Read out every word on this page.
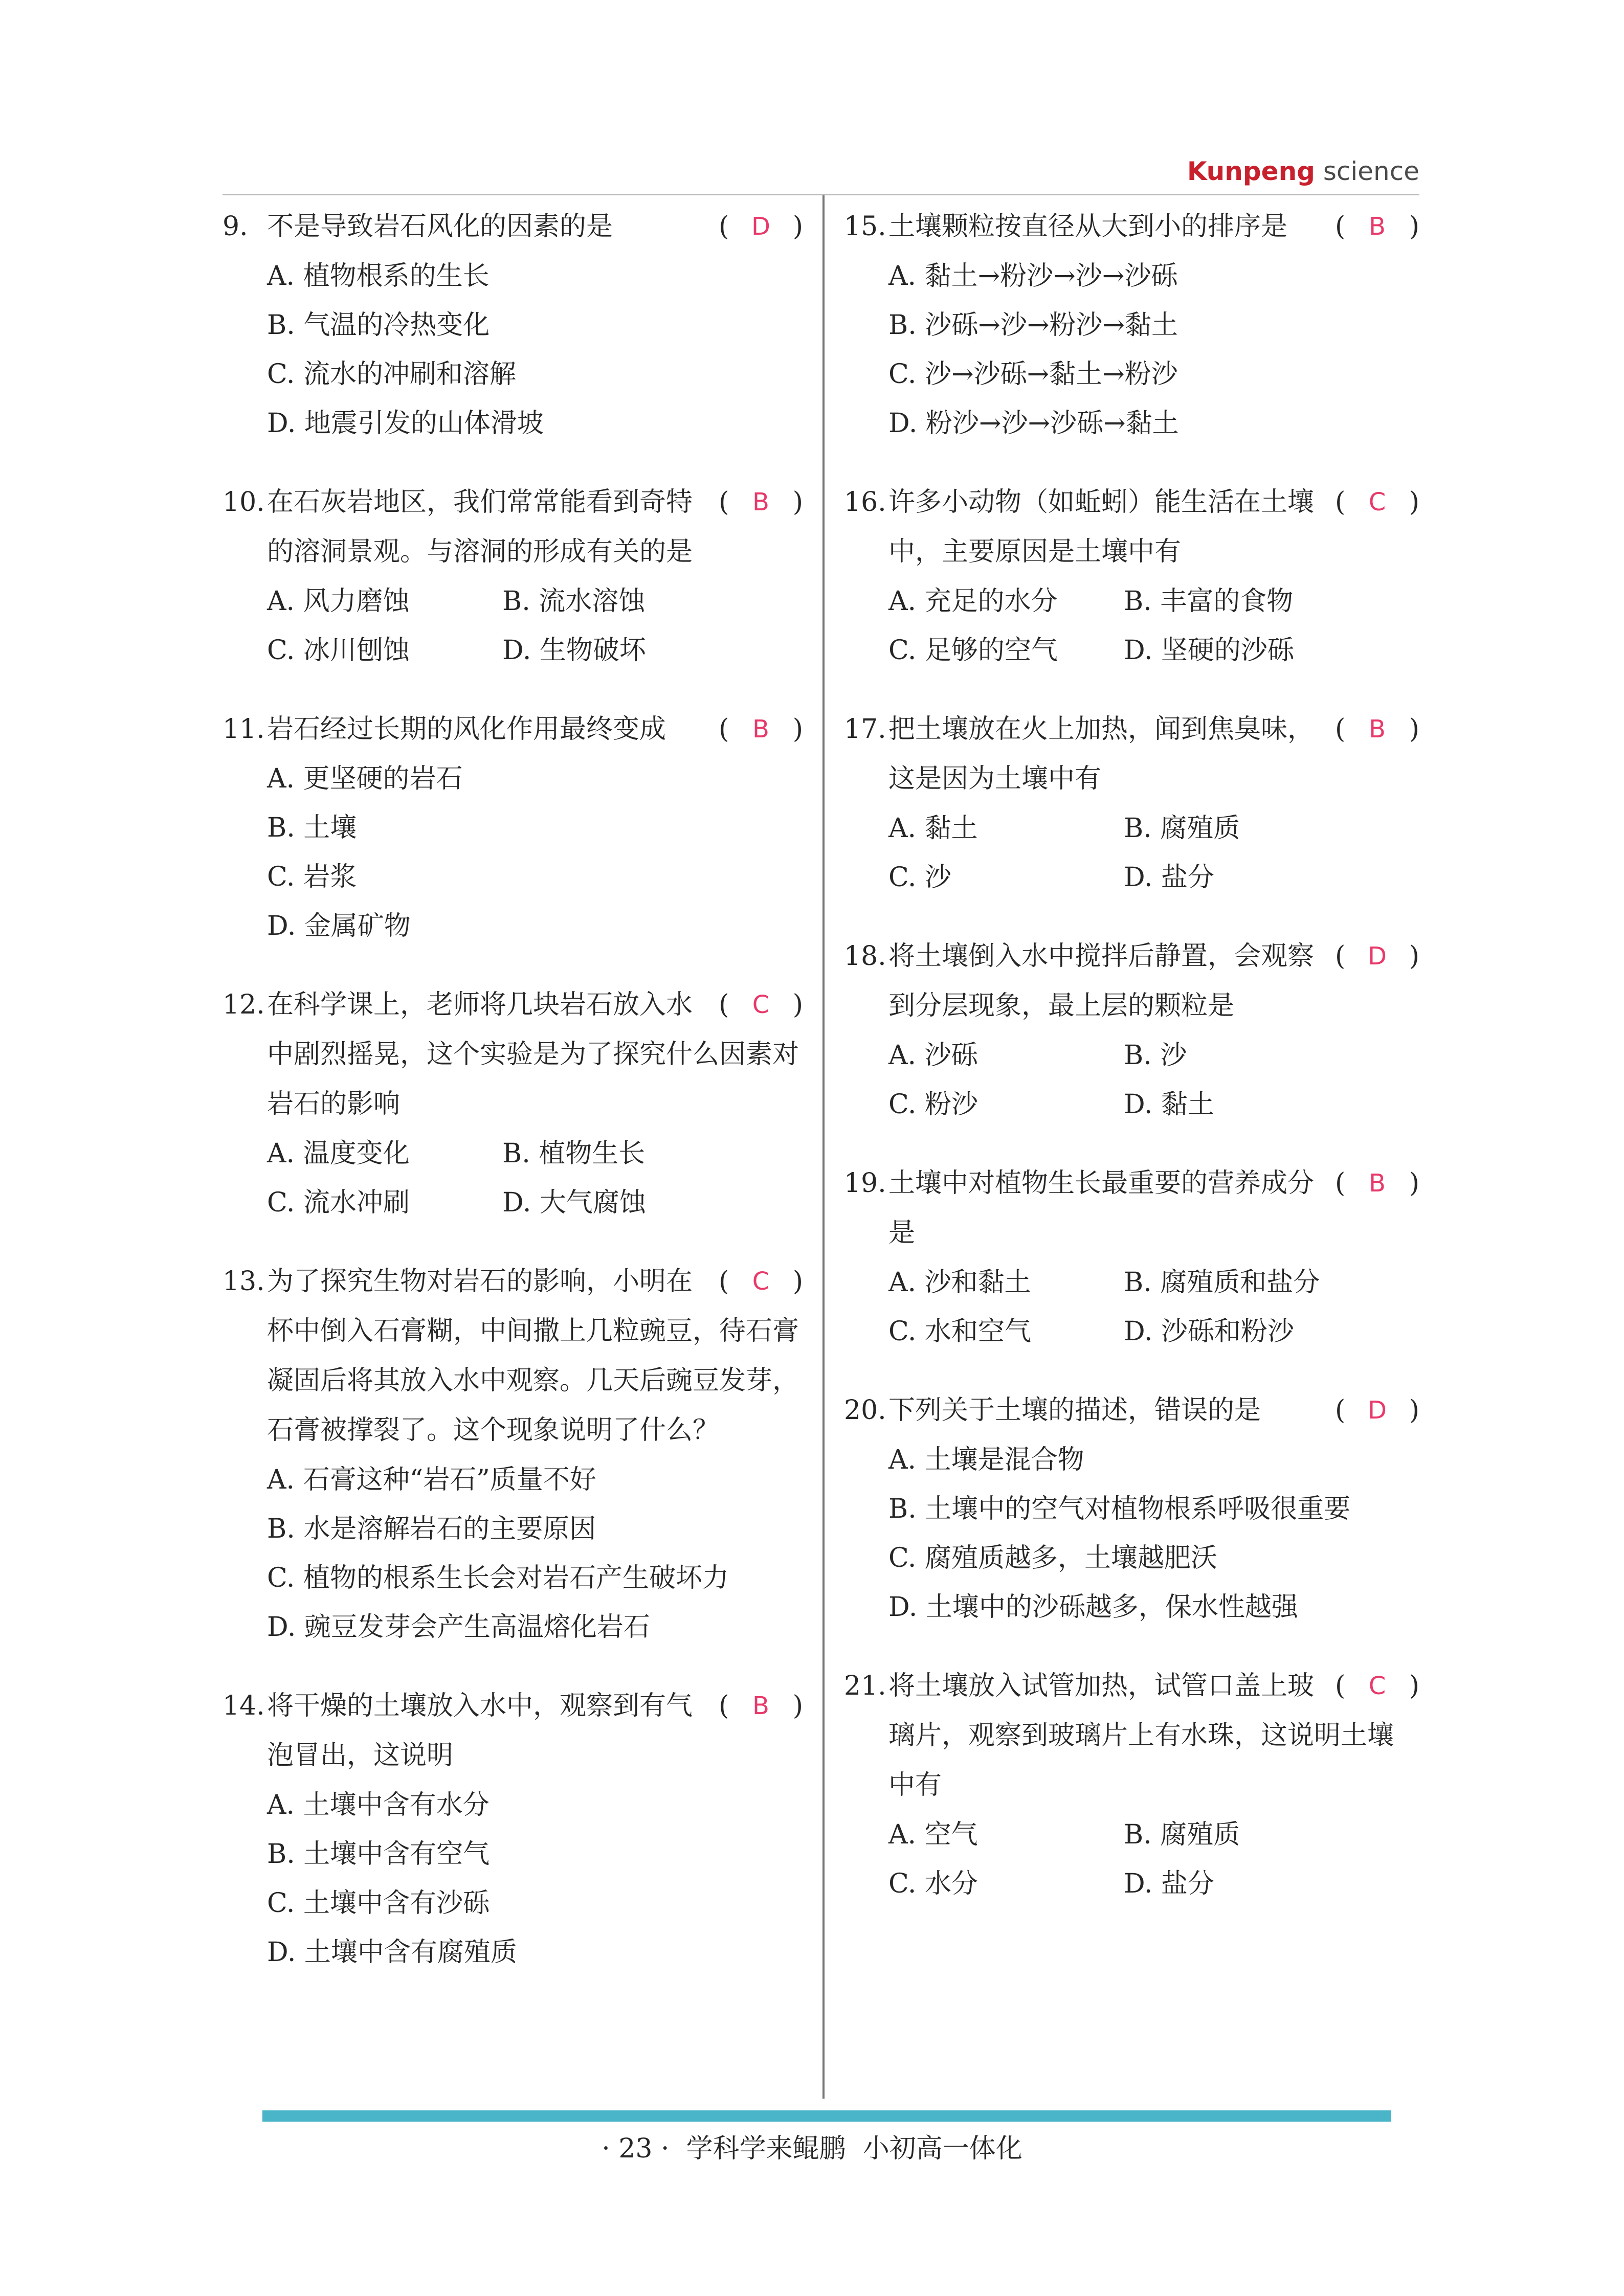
Kunpeng science
9.	( D )
不是导致岩石风化的因素的是
A. 植物根系的生长
B. 气温的冷热变化
C. 流水的冲刷和溶解
D. 地震引发的山体滑坡
10.	( B )
在石灰岩地区，我们常常能看到奇特的溶洞景观。与溶洞的形成有关的是
A. 风力磨蚀	B. 流水溶蚀
C. 冰川刨蚀	D. 生物破坏
11.	( B )
岩石经过长期的风化作用最终变成
A. 更坚硬的岩石
B. 土壤
C. 岩浆
D. 金属矿物
12.	( C )
在科学课上，老师将几块岩石放入水中剧烈摇晃，这个实验是为了探究什么因素对岩石的影响
A. 温度变化	B. 植物生长
C. 流水冲刷	D. 大气腐蚀
13.	( C )
为了探究生物对岩石的影响，小明在杯中倒入石膏糊，中间撒上几粒豌豆，待石膏凝固后将其放入水中观察。几天后豌豆发芽，石膏被撑裂了。这个现象说明了什么？
A. 石膏这种“岩石”质量不好
B. 水是溶解岩石的主要原因
C. 植物的根系生长会对岩石产生破坏力
D. 豌豆发芽会产生高温熔化岩石
14.	( B )
将干燥的土壤放入水中，观察到有气泡冒出，这说明
A. 土壤中含有水分
B. 土壤中含有空气
C. 土壤中含有沙砾
D. 土壤中含有腐殖质
15.	( B )
土壤颗粒按直径从大到小的排序是
A. 黏土→粉沙→沙→沙砾
B. 沙砾→沙→粉沙→黏土
C. 沙→沙砾→黏土→粉沙
D. 粉沙→沙→沙砾→黏土
16.	( C )
许多小动物（如蚯蚓）能生活在土壤中，主要原因是土壤中有
A. 充足的水分	B. 丰富的食物
C. 足够的空气	D. 坚硬的沙砾
17.	( B )
把土壤放在火上加热，闻到焦臭味，这是因为土壤中有
A. 黏土	B. 腐殖质
C. 沙	D. 盐分
18.	( D )
将土壤倒入水中搅拌后静置，会观察到分层现象，最上层的颗粒是
A. 沙砾	B. 沙
C. 粉沙	D. 黏土
19.	( B )
土壤中对植物生长最重要的营养成分是
A. 沙和黏土	B. 腐殖质和盐分
C. 水和空气	D. 沙砾和粉沙
20.	( D )
下列关于土壤的描述，错误的是
A. 土壤是混合物
B. 土壤中的空气对植物根系呼吸很重要
C. 腐殖质越多，土壤越肥沃
D. 土壤中的沙砾越多，保水性越强
21.	( C )
将土壤放入试管加热，试管口盖上玻璃片，观察到玻璃片上有水珠，这说明土壤中有
A. 空气	B. 腐殖质
C. 水分	D. 盐分
· 23 · 学科学来鲲鹏  小初高一体化
